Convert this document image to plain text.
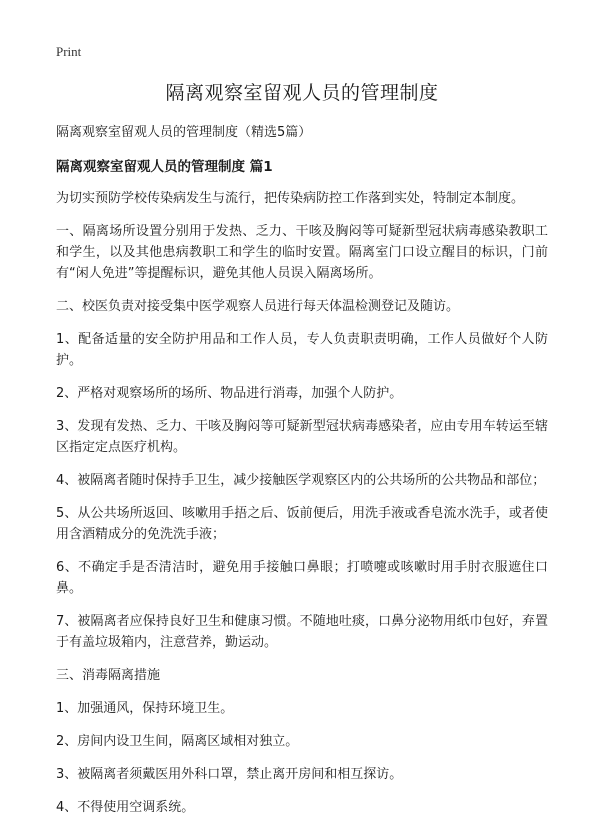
Print
隔离观察室留观人员的管理制度
隔离观察室留观人员的管理制度（精选5篇）
隔离观察室留观人员的管理制度 篇1

为切实预防学校传染病发生与流行，把传染病防控工作落到实处，特制定本制度。

一、隔离场所设置分别用于发热、乏力、干咳及胸闷等可疑新型冠状病毒感染教职工和学生，以及其他患病教职工和学生的临时安置。隔离室门口设立醒目的标识，门前有“闲人免进”等提醒标识，避免其他人员误入隔离场所。

二、校医负责对接受集中医学观察人员进行每天体温检测登记及随访。

1、配备适量的安全防护用品和工作人员，专人负责职责明确，工作人员做好个人防护。

2、严格对观察场所的场所、物品进行消毒，加强个人防护。

3、发现有发热、乏力、干咳及胸闷等可疑新型冠状病毒感染者，应由专用车转运至辖区指定定点医疗机构。

4、被隔离者随时保持手卫生，减少接触医学观察区内的公共场所的公共物品和部位；

5、从公共场所返回、咳嗽用手捂之后、饭前便后，用洗手液或香皂流水洗手，或者使用含酒精成分的免洗洗手液；

6、不确定手是否清洁时，避免用手接触口鼻眼；打喷嚏或咳嗽时用手肘衣服遮住口鼻。

7、被隔离者应保持良好卫生和健康习惯。不随地吐痰，口鼻分泌物用纸巾包好，弃置于有盖垃圾箱内，注意营养，勤运动。

三、消毒隔离措施

1、加强通风，保持环境卫生。

2、房间内设卫生间，隔离区域相对独立。

3、被隔离者须戴医用外科口罩，禁止离开房间和相互探访。

4、不得使用空调系统。
